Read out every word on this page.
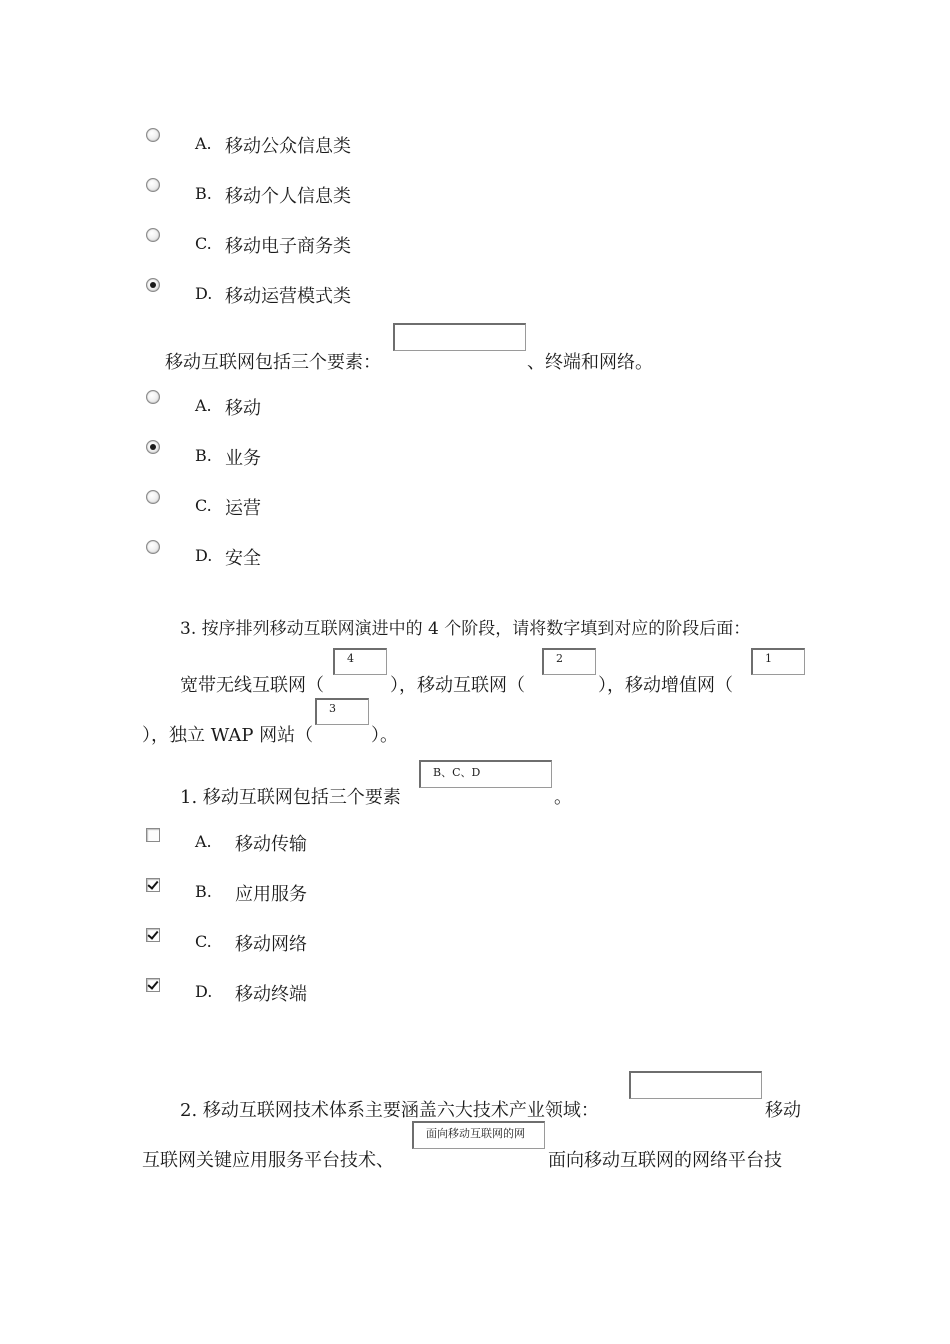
A. 移动公众信息类
B. 移动个人信息类
C. 移动电子商务类
D. 移动运营模式类
移动互联网包括三个要素：	、终端和网络。
A. 移动
B. 业务
C. 运营
D. 安全
3. 按序排列移动互联网演进中的 4 个阶段，请将数字填到对应的阶段后面：
宽带无线互联网（
4
），移动互联网（
2
），移动增值网（
1
），独立 WAP 网站（
3
）。
1. 移动互联网包括三个要素
B、C、D
。
A. 移动传输
B. 应用服务
C. 移动网络
D. 移动终端
2. 移动互联网技术体系主要涵盖六大技术产业领域：	移动
互联网关键应用服务平台技术、
面向移动互联网的网
面向移动互联网的网络平台技
